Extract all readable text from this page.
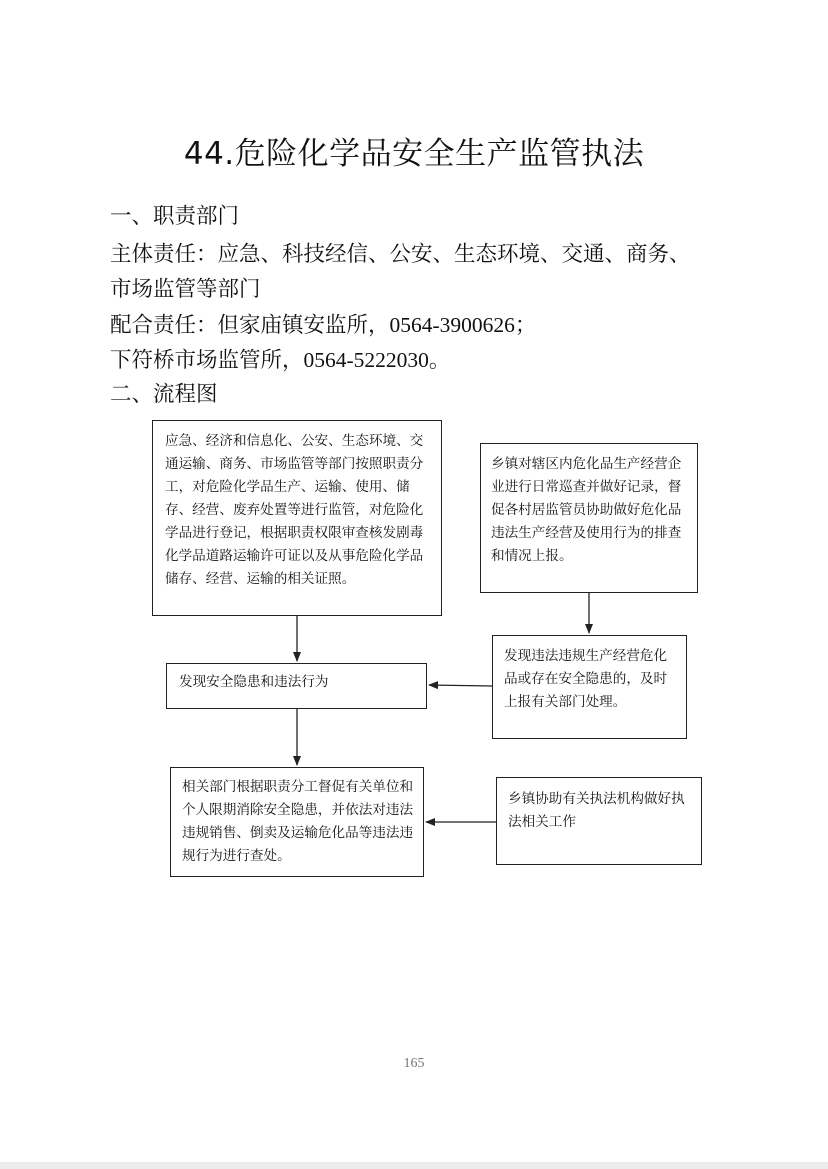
44.危险化学品安全生产监管执法
一、职责部门
主体责任：应急、科技经信、公安、生态环境、交通、商务、
市场监管等部门
配合责任：但家庙镇安监所，0564-3900626；
下符桥市场监管所，0564-5222030。
二、流程图
应急、经济和信息化、公安、生态环境、交通运输、商务、市场监管等部门按照职责分工，对危险化学品生产、运输、使用、储存、经营、废弃处置等进行监管，对危险化学品进行登记，根据职责权限审查核发剧毒化学品道路运输许可证以及从事危险化学品储存、经营、运输的相关证照。
乡镇对辖区内危化品生产经营企业进行日常巡查并做好记录，督促各村居监管员协助做好危化品违法生产经营及使用行为的排查和情况上报。
发现安全隐患和违法行为
发现违法违规生产经营危化品或存在安全隐患的，及时上报有关部门处理。
相关部门根据职责分工督促有关单位和个人限期消除安全隐患，并依法对违法违规销售、倒卖及运输危化品等违法违规行为进行查处。
乡镇协助有关执法机构做好执法相关工作
165
